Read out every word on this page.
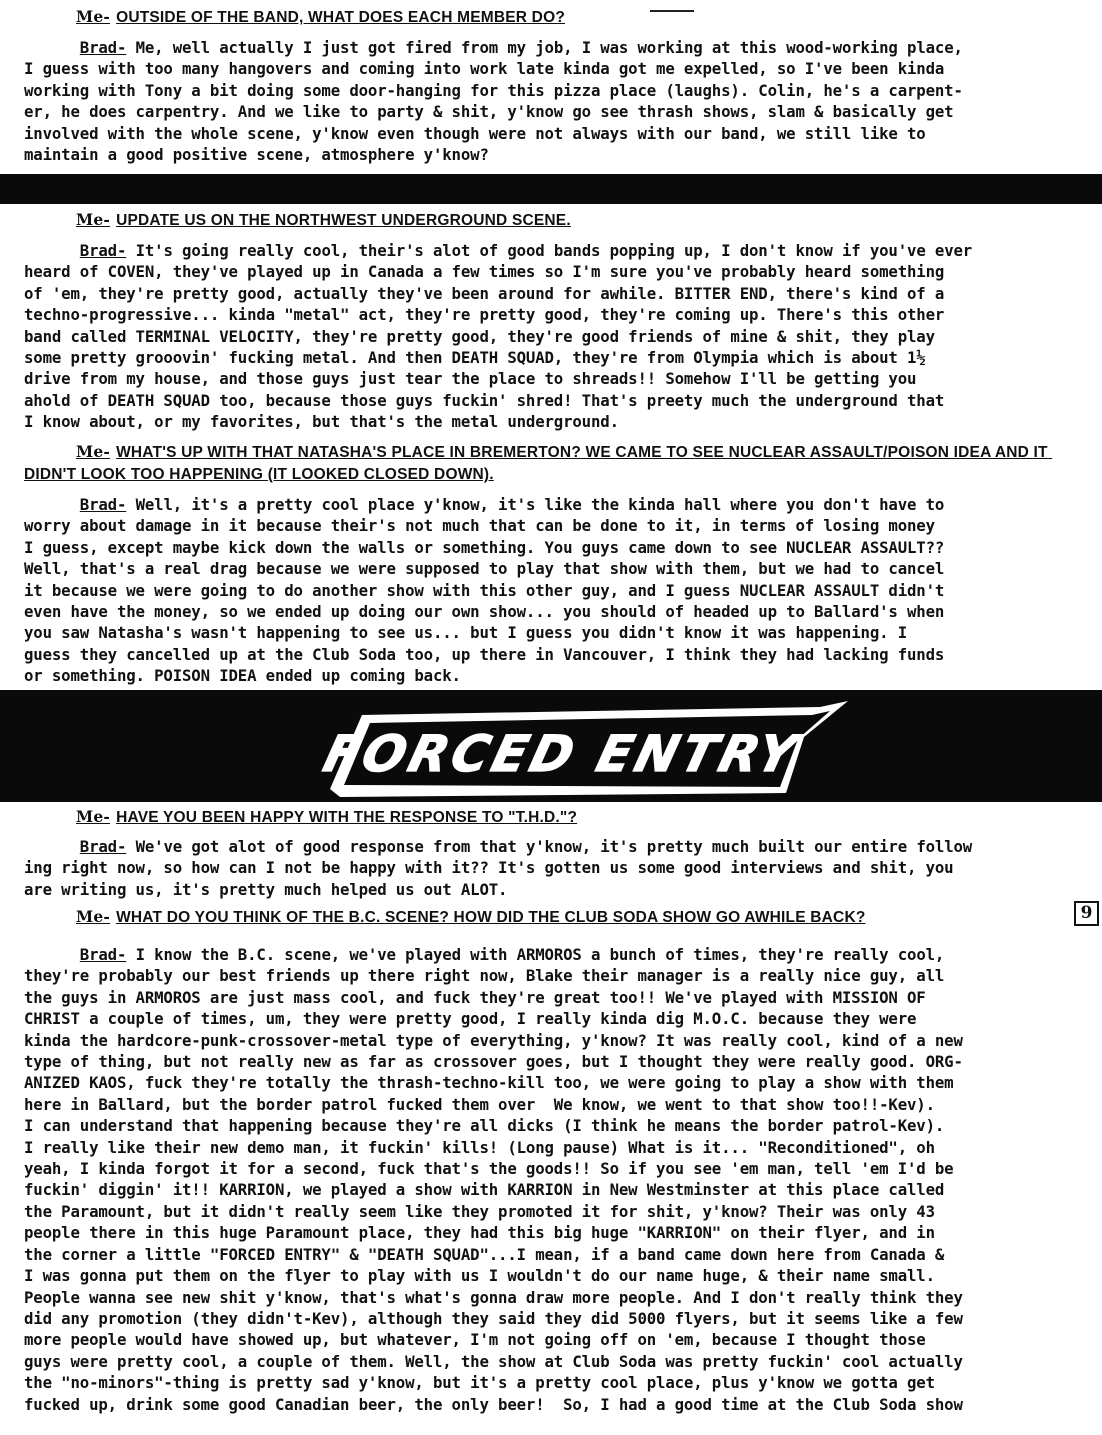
Me- OUTSIDE OF THE BAND, WHAT DOES EACH MEMBER DO?
Brad- Me, well actually I just got fired from my job, I was working at this wood-working place,
I guess with too many hangovers and coming into work late kinda got me expelled, so I've been kinda
working with Tony a bit doing some door-hanging for this pizza place (laughs). Colin, he's a carpent-
er, he does carpentry. And we like to party & shit, y'know go see thrash shows, slam & basically get
involved with the whole scene, y'know even though were not always with our band, we still like to
maintain a good positive scene, atmosphere y'know?
Me- UPDATE US ON THE NORTHWEST UNDERGROUND SCENE.
Brad- It's going really cool, their's alot of good bands popping up, I don't know if you've ever
heard of COVEN, they've played up in Canada a few times so I'm sure you've probably heard something
of 'em, they're pretty good, actually they've been around for awhile. BITTER END, there's kind of a
techno-progressive... kinda "metal" act, they're pretty good, they're coming up. There's this other
band called TERMINAL VELOCITY, they're pretty good, they're good friends of mine & shit, they play
some pretty grooovin' fucking metal. And then DEATH SQUAD, they're from Olympia which is about 1½
drive from my house, and those guys just tear the place to shreads!! Somehow I'll be getting you
ahold of DEATH SQUAD too, because those guys fuckin' shred! That's preety much the underground that
I know about, or my favorites, but that's the metal underground.
Me- WHAT'S UP WITH THAT NATASHA'S PLACE IN BREMERTON? WE CAME TO SEE NUCLEAR ASSAULT/POISON IDEA AND IT DIDN'T LOOK TOO HAPPENING (IT LOOKED CLOSED DOWN).
Brad- Well, it's a pretty cool place y'know, it's like the kinda hall where you don't have to
worry about damage in it because their's not much that can be done to it, in terms of losing money
I guess, except maybe kick down the walls or something. You guys came down to see NUCLEAR ASSAULT??
Well, that's a real drag because we were supposed to play that show with them, but we had to cancel
it because we were going to do another show with this other guy, and I guess NUCLEAR ASSAULT didn't
even have the money, so we ended up doing our own show... you should of headed up to Ballard's when
you saw Natasha's wasn't happening to see us... but I guess you didn't know it was happening. I
guess they cancelled up at the Club Soda too, up there in Vancouver, I think they had lacking funds
or something. POISON IDEA ended up coming back.
FORCED ENTRY
Me- HAVE YOU BEEN HAPPY WITH THE RESPONSE TO "T.H.D."?
Brad- We've got alot of good response from that y'know, it's pretty much built our entire follow
ing right now, so how can I not be happy with it?? It's gotten us some good interviews and shit, you
are writing us, it's pretty much helped us out ALOT.
Me- WHAT DO YOU THINK OF THE B.C. SCENE? HOW DID THE CLUB SODA SHOW GO AWHILE BACK?	9
Brad- I know the B.C. scene, we've played with ARMOROS a bunch of times, they're really cool,
they're probably our best friends up there right now, Blake their manager is a really nice guy, all
the guys in ARMOROS are just mass cool, and fuck they're great too!! We've played with MISSION OF
CHRIST a couple of times, um, they were pretty good, I really kinda dig M.O.C. because they were
kinda the hardcore-punk-crossover-metal type of everything, y'know? It was really cool, kind of a new
type of thing, but not really new as far as crossover goes, but I thought they were really good. ORG-
ANIZED KAOS, fuck they're totally the thrash-techno-kill too, we were going to play a show with them
here in Ballard, but the border patrol fucked them over  We know, we went to that show too!!-Kev).
I can understand that happening because they're all dicks (I think he means the border patrol-Kev).
I really like their new demo man, it fuckin' kills! (Long pause) What is it... "Reconditioned", oh
yeah, I kinda forgot it for a second, fuck that's the goods!! So if you see 'em man, tell 'em I'd be
fuckin' diggin' it!! KARRION, we played a show with KARRION in New Westminster at this place called
the Paramount, but it didn't really seem like they promoted it for shit, y'know? Their was only 43
people there in this huge Paramount place, they had this big huge "KARRION" on their flyer, and in
the corner a little "FORCED ENTRY" & "DEATH SQUAD"...I mean, if a band came down here from Canada &
I was gonna put them on the flyer to play with us I wouldn't do our name huge, & their name small.
People wanna see new shit y'know, that's what's gonna draw more people. And I don't really think they
did any promotion (they didn't-Kev), although they said they did 5000 flyers, but it seems like a few
more people would have showed up, but whatever, I'm not going off on 'em, because I thought those
guys were pretty cool, a couple of them. Well, the show at Club Soda was pretty fuckin' cool actually
the "no-minors"-thing is pretty sad y'know, but it's a pretty cool place, plus y'know we gotta get
fucked up, drink some good Canadian beer, the only beer!  So, I had a good time at the Club Soda show
